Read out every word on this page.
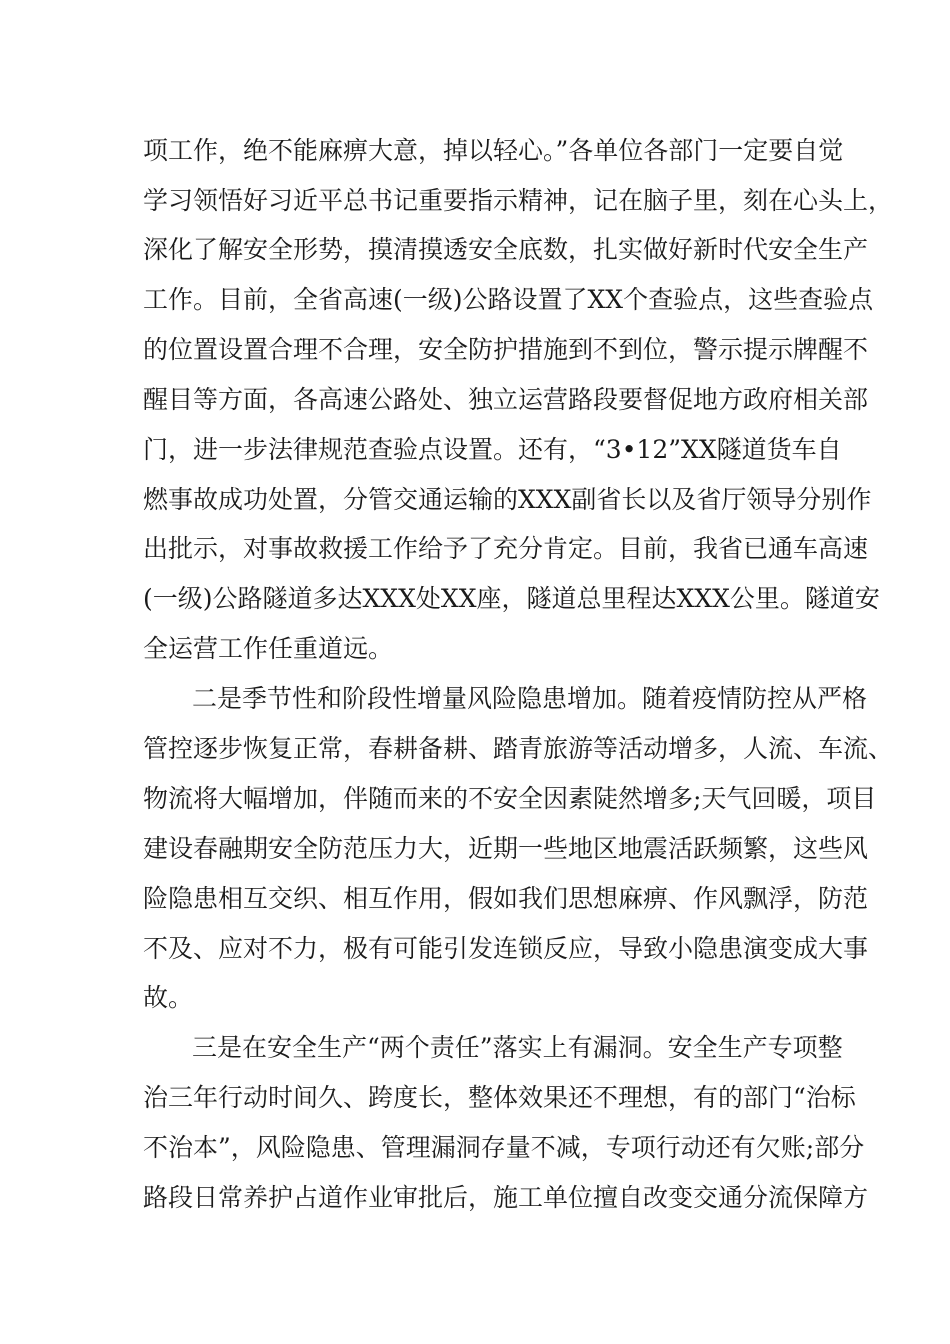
项工作，绝不能麻痹大意，掉以轻心。”各单位各部门一定要自觉
学习领悟好习近平总书记重要指示精神，记在脑子里，刻在心头上，
深化了解安全形势，摸清摸透安全底数，扎实做好新时代安全生产
工作。目前，全省高速(一级)公路设置了XX个查验点，这些查验点
的位置设置合理不合理，安全防护措施到不到位，警示提示牌醒不
醒目等方面，各高速公路处、独立运营路段要督促地方政府相关部
门，进一步法律规范查验点设置。还有，“3•12”XX隧道货车自
燃事故成功处置，分管交通运输的XXX副省长以及省厅领导分别作
出批示，对事故救援工作给予了充分肯定。目前，我省已通车高速
(一级)公路隧道多达XXX处XX座，隧道总里程达XXX公里。隧道安
全运营工作任重道远。
二是季节性和阶段性增量风险隐患增加。随着疫情防控从严格
管控逐步恢复正常，春耕备耕、踏青旅游等活动增多，人流、车流、
物流将大幅增加，伴随而来的不安全因素陡然增多;天气回暖，项目
建设春融期安全防范压力大，近期一些地区地震活跃频繁，这些风
险隐患相互交织、相互作用，假如我们思想麻痹、作风飘浮，防范
不及、应对不力，极有可能引发连锁反应，导致小隐患演变成大事
故。
三是在安全生产“两个责任”落实上有漏洞。安全生产专项整
治三年行动时间久、跨度长，整体效果还不理想，有的部门“治标
不治本”，风险隐患、管理漏洞存量不减，专项行动还有欠账;部分
路段日常养护占道作业审批后，施工单位擅自改变交通分流保障方
